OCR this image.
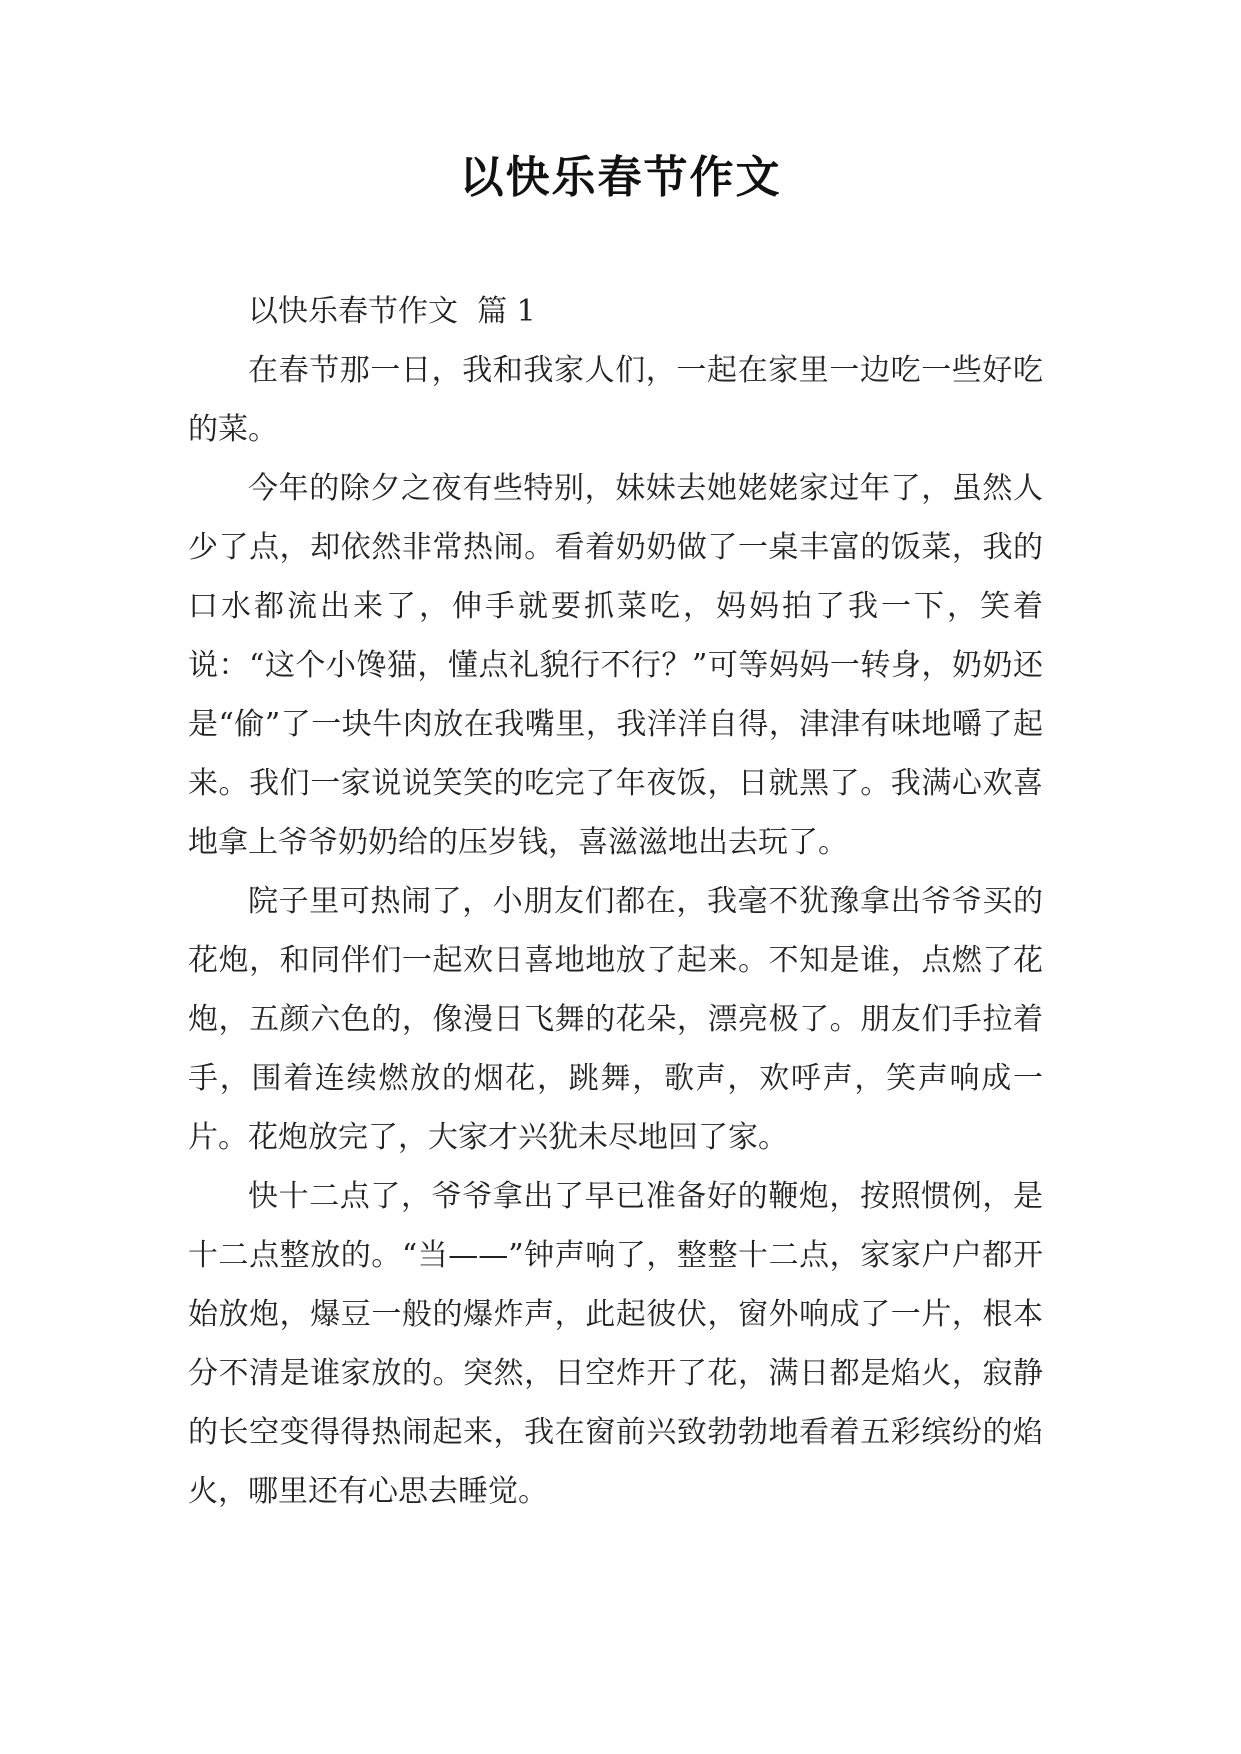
以快乐春节作文

以快乐春节作文  篇 1

在春节那一日，我和我家人们，一起在家里一边吃一些好吃的菜。

今年的除夕之夜有些特别，妹妹去她姥姥家过年了，虽然人少了点，却依然非常热闹。看着奶奶做了一桌丰富的饭菜，我的口水都流出来了，伸手就要抓菜吃，妈妈拍了我一下，笑着说：“这个小馋猫，懂点礼貌行不行？”可等妈妈一转身，奶奶还是“偷”了一块牛肉放在我嘴里，我洋洋自得，津津有味地嚼了起来。我们一家说说笑笑的吃完了年夜饭，日就黑了。我满心欢喜地拿上爷爷奶奶给的压岁钱，喜滋滋地出去玩了。

院子里可热闹了，小朋友们都在，我毫不犹豫拿出爷爷买的花炮，和同伴们一起欢日喜地地放了起来。不知是谁，点燃了花炮，五颜六色的，像漫日飞舞的花朵，漂亮极了。朋友们手拉着手，围着连续燃放的烟花，跳舞，歌声，欢呼声，笑声响成一片。花炮放完了，大家才兴犹未尽地回了家。

快十二点了，爷爷拿出了早已准备好的鞭炮，按照惯例，是十二点整放的。“当——”钟声响了，整整十二点，家家户户都开始放炮，爆豆一般的爆炸声，此起彼伏，窗外响成了一片，根本分不清是谁家放的。突然，日空炸开了花，满日都是焰火，寂静的长空变得得热闹起来，我在窗前兴致勃勃地看着五彩缤纷的焰火，哪里还有心思去睡觉。
